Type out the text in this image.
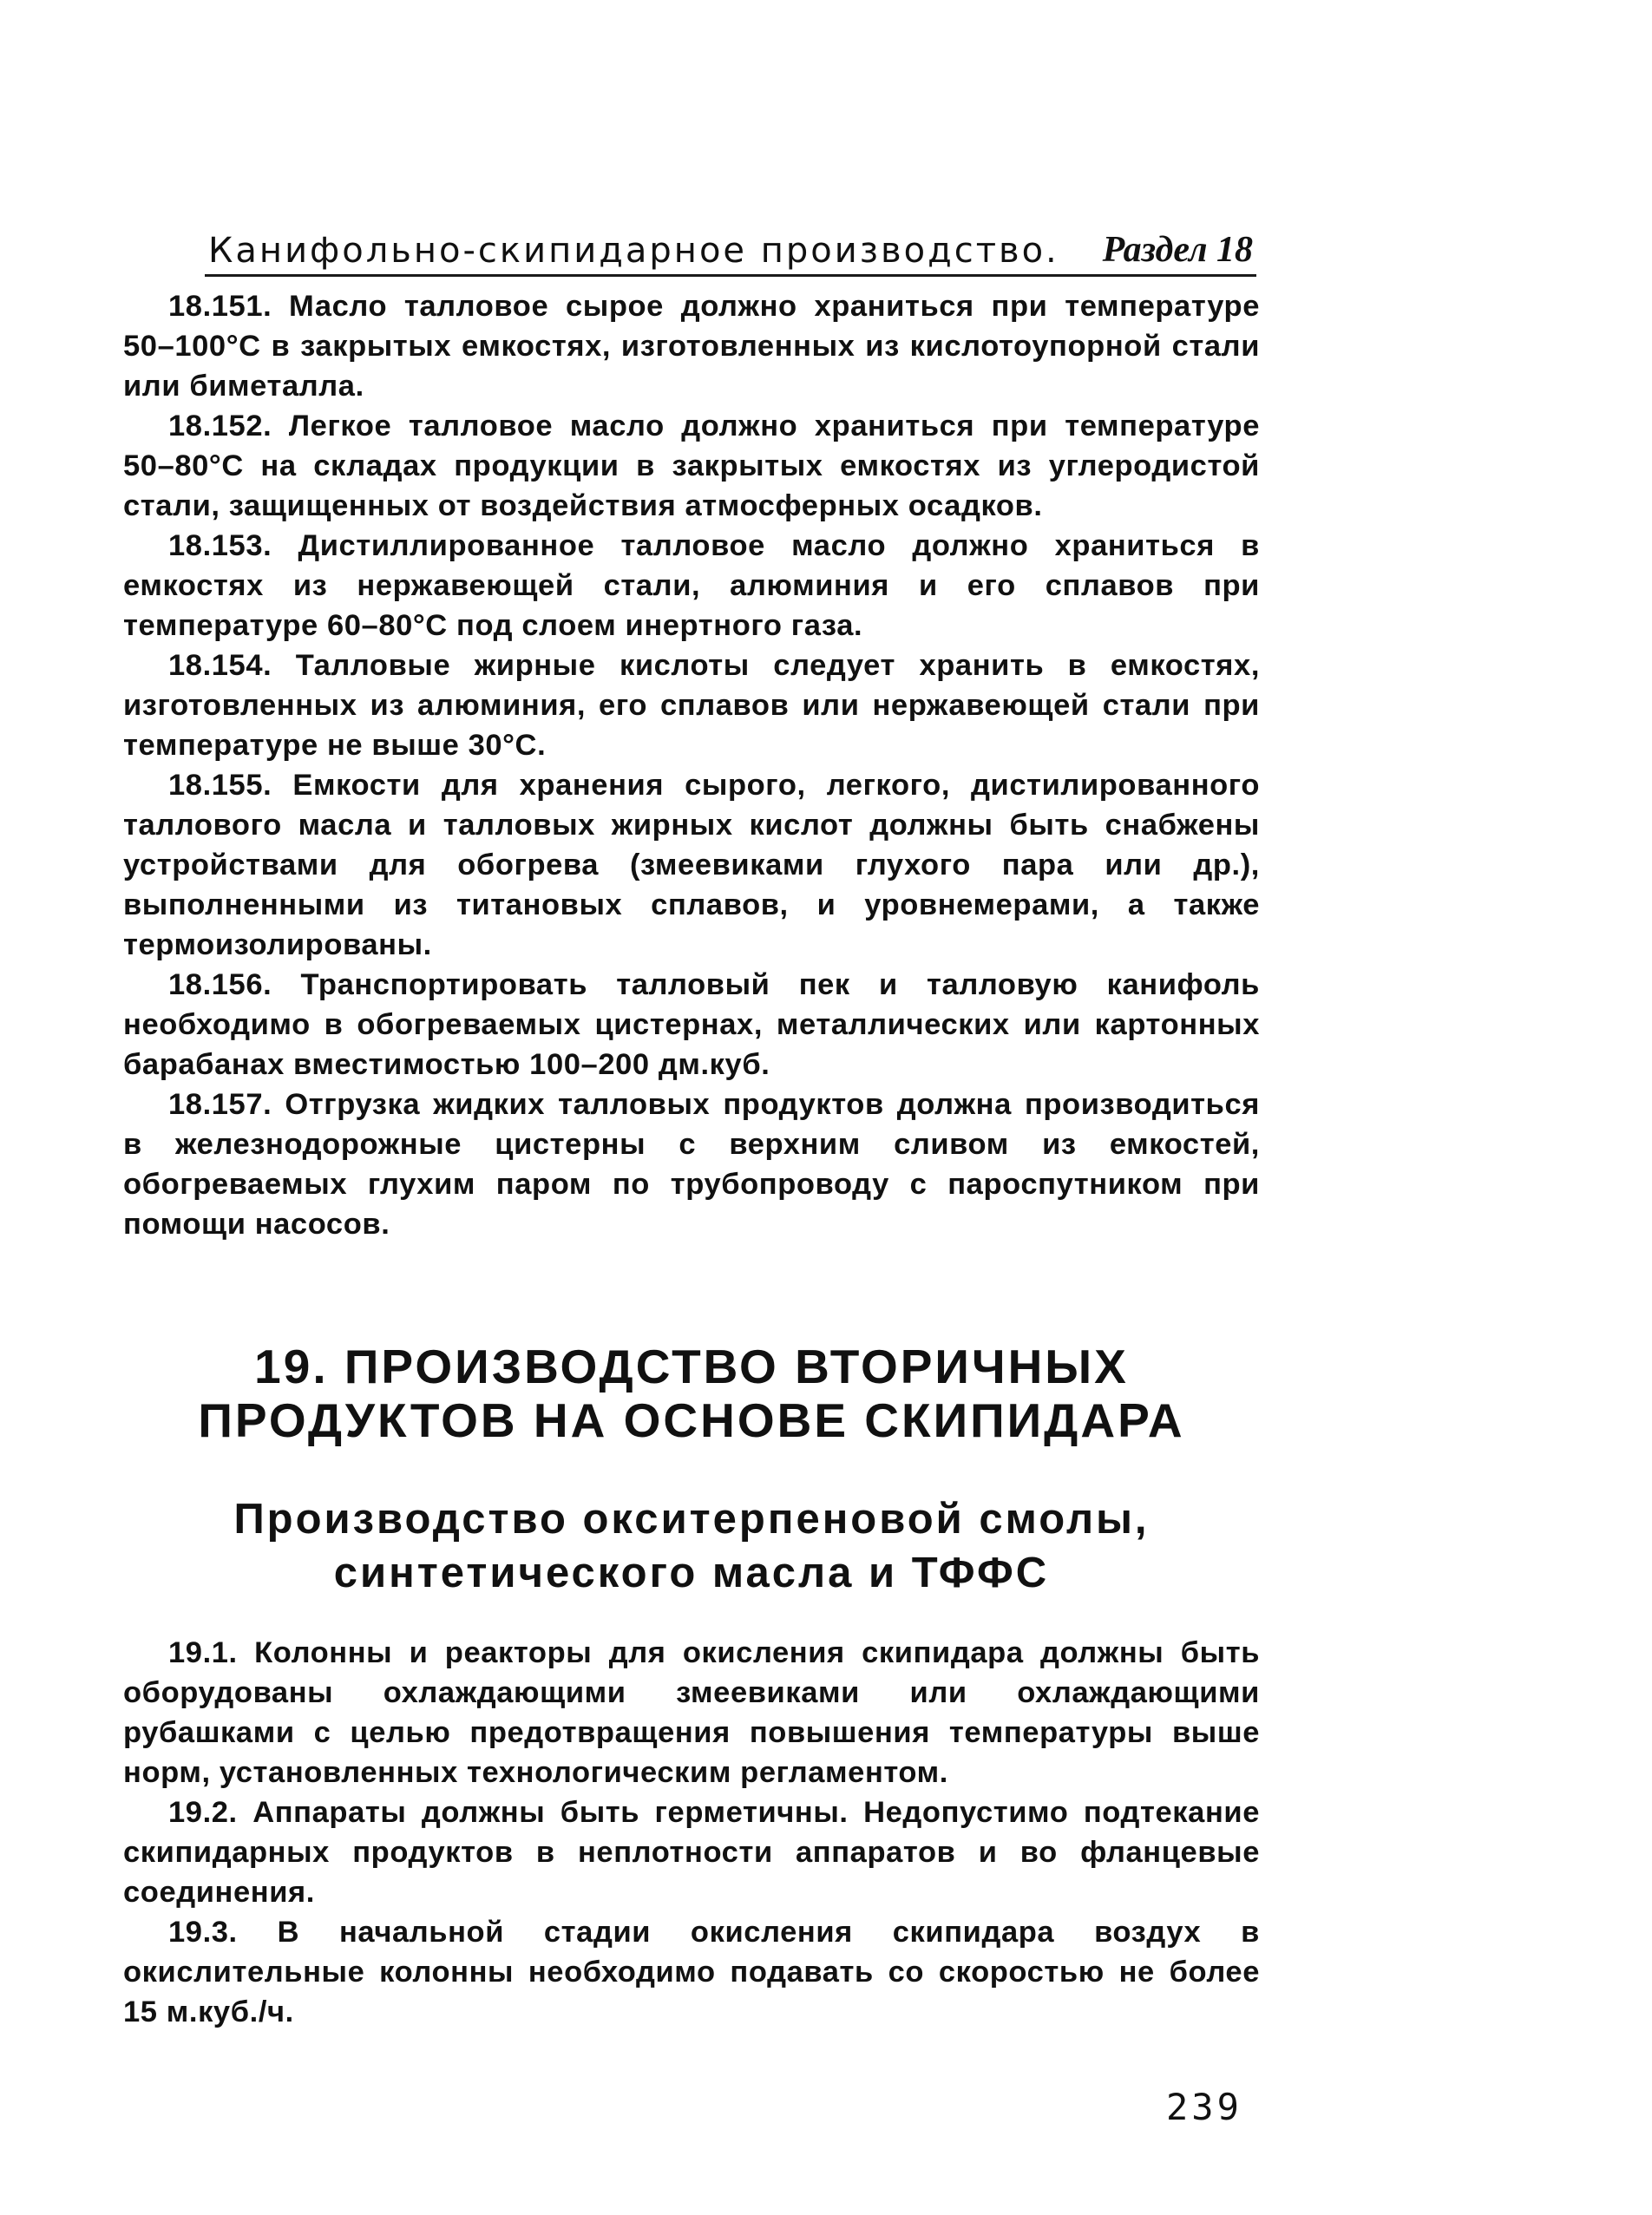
Канифольно-скипидарное производство. Раздел 18

18.151. Масло талловое сырое должно храниться при температуре 50–100°С в закрытых емкостях, изготовленных из кислотоупорной стали или биметалла.

18.152. Легкое талловое масло должно храниться при температуре 50–80°С на складах продукции в закрытых емкостях из углеродистой стали, защищенных от воздействия атмосферных осадков.

18.153. Дистиллированное талловое масло должно храниться в емкостях из нержавеющей стали, алюминия и его сплавов при температуре 60–80°С под слоем инертного газа.

18.154. Талловые жирные кислоты следует хранить в емкостях, изготовленных из алюминия, его сплавов или нержавеющей стали при температуре не выше 30°С.

18.155. Емкости для хранения сырого, легкого, дистилированного таллового масла и талловых жирных кислот должны быть снабжены устройствами для обогрева (змеевиками глухого пара или др.), выполненными из титановых сплавов, и уровнемерами, а также термоизолированы.

18.156. Транспортировать талловый пек и талловую канифоль необходимо в обогреваемых цистернах, металлических или картонных барабанах вместимостью 100–200 дм.куб.

18.157. Отгрузка жидких талловых продуктов должна производиться в железнодорожные цистерны с верхним сливом из емкостей, обогреваемых глухим паром по трубопроводу с пароспутником при помощи насосов.

19. ПРОИЗВОДСТВО ВТОРИЧНЫХ
ПРОДУКТОВ НА ОСНОВЕ СКИПИДАРА
Производство окситерпеновой смолы,
синтетического масла и ТФФС

19.1. Колонны и реакторы для окисления скипидара должны быть оборудованы охлаждающими змеевиками или охлаждающими рубашками с целью предотвращения повышения температуры выше норм, установленных технологическим регламентом.

19.2. Аппараты должны быть герметичны. Недопустимо подтекание скипидарных продуктов в неплотности аппаратов и во фланцевые соединения.

19.3. В начальной стадии окисления скипидара воздух в окислительные колонны необходимо подавать со скоростью не более 15 м.куб./ч.

239
